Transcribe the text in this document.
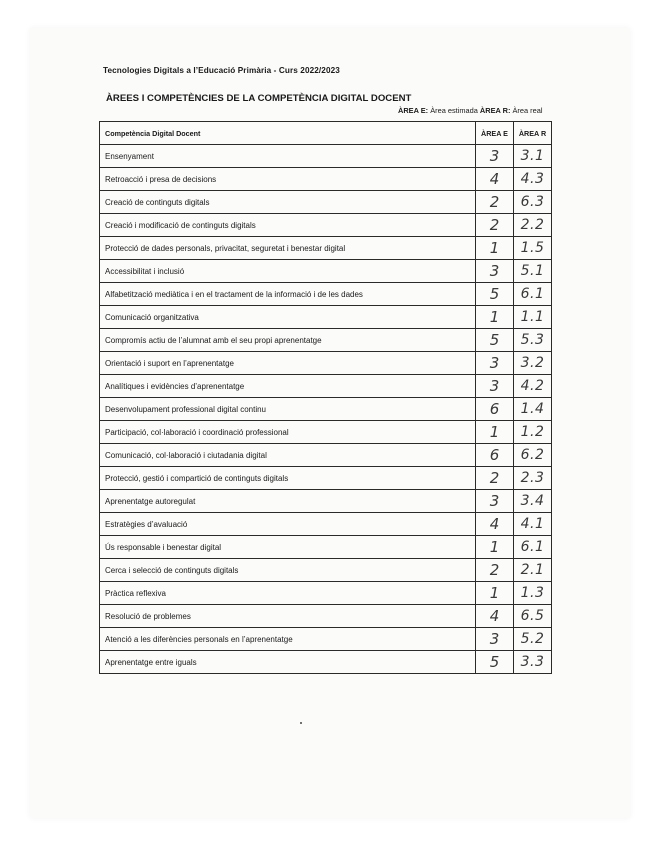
Tecnologies Digitals a l’Educació Primària - Curs 2022/2023
ÀREES I COMPETÈNCIES DE LA COMPETÈNCIA DIGITAL DOCENT
ÀREA E: Àrea estimada ÀREA R: Àrea real
Competència Digital Docent	ÀREA E	ÀREA R
Ensenyament	3	3.1
Retroacció i presa de decisions	4	4.3
Creació de continguts digitals	2	6.3
Creació i modificació de continguts digitals	2	2.2
Protecció de dades personals, privacitat, seguretat i benestar digital	1	1.5
Accessibilitat i inclusió	3	5.1
Alfabetització mediàtica i en el tractament de la informació i de les dades	5	6.1
Comunicació organitzativa	1	1.1
Compromís actiu de l’alumnat amb el seu propi aprenentatge	5	5.3
Orientació i suport en l’aprenentatge	3	3.2
Analítiques i evidències d’aprenentatge	3	4.2
Desenvolupament professional digital continu	6	1.4
Participació, col·laboració i coordinació professional	1	1.2
Comunicació, col·laboració i ciutadania digital	6	6.2
Protecció, gestió i compartició de continguts digitals	2	2.3
Aprenentatge autoregulat	3	3.4
Estratègies d’avaluació	4	4.1
Ús responsable i benestar digital	1	6.1
Cerca i selecció de continguts digitals	2	2.1
Pràctica reflexiva	1	1.3
Resolució de problemes	4	6.5
Atenció a les diferències personals en l’aprenentatge	3	5.2
Aprenentatge entre iguals	5	3.3
